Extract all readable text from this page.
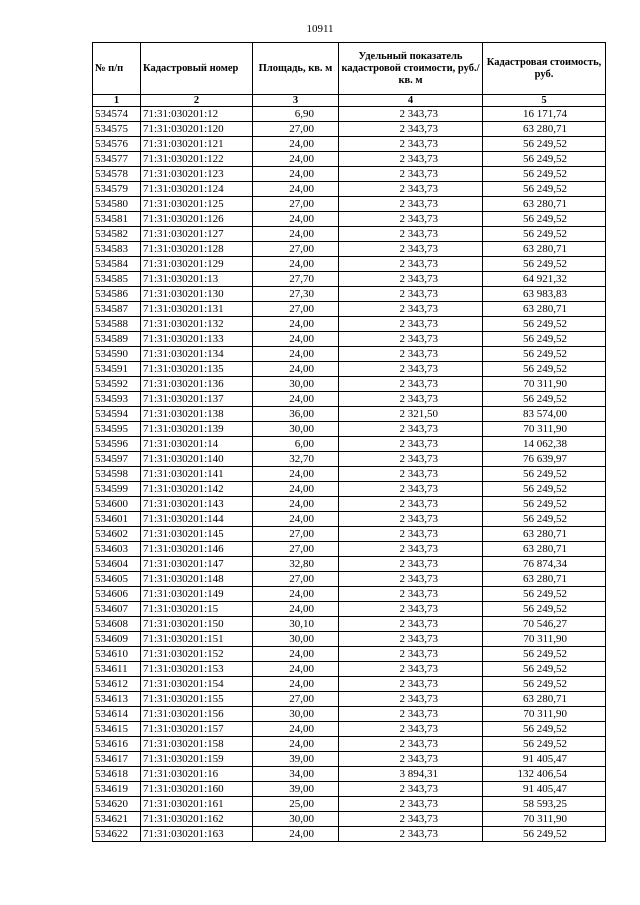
10911
№ п/п	Кадастровый номер	Площадь, кв. м	Удельный показатель кадастровой стоимости, руб./кв. м	Кадастровая стоимость, руб.
1	2	3	4	5
534574	71:31:030201:12	6,90	2 343,73	16 171,74
534575	71:31:030201:120	27,00	2 343,73	63 280,71
534576	71:31:030201:121	24,00	2 343,73	56 249,52
534577	71:31:030201:122	24,00	2 343,73	56 249,52
534578	71:31:030201:123	24,00	2 343,73	56 249,52
534579	71:31:030201:124	24,00	2 343,73	56 249,52
534580	71:31:030201:125	27,00	2 343,73	63 280,71
534581	71:31:030201:126	24,00	2 343,73	56 249,52
534582	71:31:030201:127	24,00	2 343,73	56 249,52
534583	71:31:030201:128	27,00	2 343,73	63 280,71
534584	71:31:030201:129	24,00	2 343,73	56 249,52
534585	71:31:030201:13	27,70	2 343,73	64 921,32
534586	71:31:030201:130	27,30	2 343,73	63 983,83
534587	71:31:030201:131	27,00	2 343,73	63 280,71
534588	71:31:030201:132	24,00	2 343,73	56 249,52
534589	71:31:030201:133	24,00	2 343,73	56 249,52
534590	71:31:030201:134	24,00	2 343,73	56 249,52
534591	71:31:030201:135	24,00	2 343,73	56 249,52
534592	71:31:030201:136	30,00	2 343,73	70 311,90
534593	71:31:030201:137	24,00	2 343,73	56 249,52
534594	71:31:030201:138	36,00	2 321,50	83 574,00
534595	71:31:030201:139	30,00	2 343,73	70 311,90
534596	71:31:030201:14	6,00	2 343,73	14 062,38
534597	71:31:030201:140	32,70	2 343,73	76 639,97
534598	71:31:030201:141	24,00	2 343,73	56 249,52
534599	71:31:030201:142	24,00	2 343,73	56 249,52
534600	71:31:030201:143	24,00	2 343,73	56 249,52
534601	71:31:030201:144	24,00	2 343,73	56 249,52
534602	71:31:030201:145	27,00	2 343,73	63 280,71
534603	71:31:030201:146	27,00	2 343,73	63 280,71
534604	71:31:030201:147	32,80	2 343,73	76 874,34
534605	71:31:030201:148	27,00	2 343,73	63 280,71
534606	71:31:030201:149	24,00	2 343,73	56 249,52
534607	71:31:030201:15	24,00	2 343,73	56 249,52
534608	71:31:030201:150	30,10	2 343,73	70 546,27
534609	71:31:030201:151	30,00	2 343,73	70 311,90
534610	71:31:030201:152	24,00	2 343,73	56 249,52
534611	71:31:030201:153	24,00	2 343,73	56 249,52
534612	71:31:030201:154	24,00	2 343,73	56 249,52
534613	71:31:030201:155	27,00	2 343,73	63 280,71
534614	71:31:030201:156	30,00	2 343,73	70 311,90
534615	71:31:030201:157	24,00	2 343,73	56 249,52
534616	71:31:030201:158	24,00	2 343,73	56 249,52
534617	71:31:030201:159	39,00	2 343,73	91 405,47
534618	71:31:030201:16	34,00	3 894,31	132 406,54
534619	71:31:030201:160	39,00	2 343,73	91 405,47
534620	71:31:030201:161	25,00	2 343,73	58 593,25
534621	71:31:030201:162	30,00	2 343,73	70 311,90
534622	71:31:030201:163	24,00	2 343,73	56 249,52
